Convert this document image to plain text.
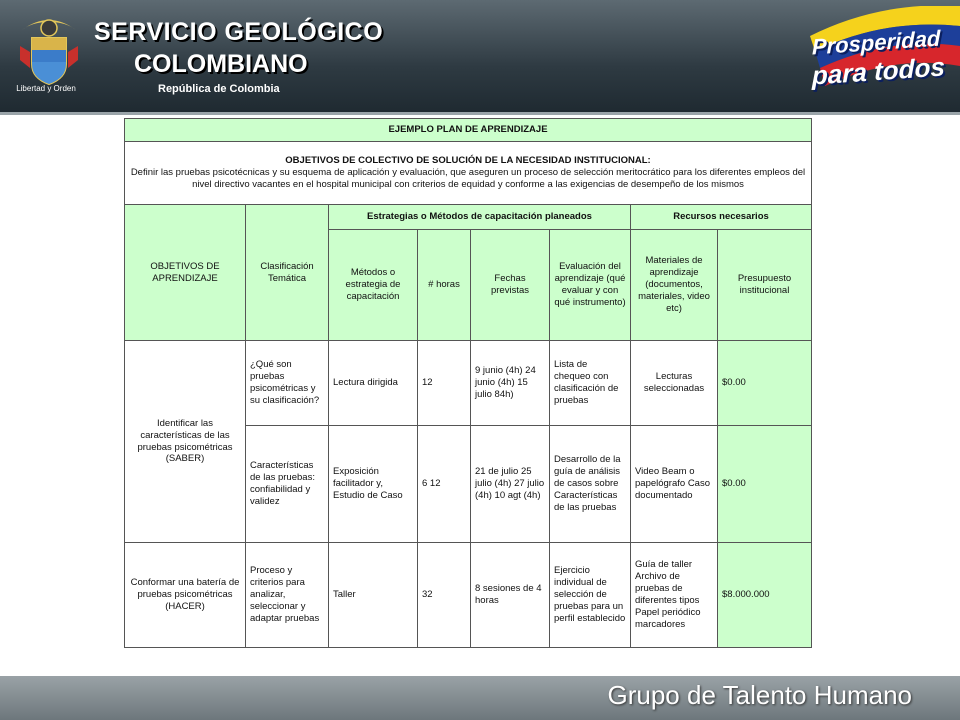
Libertad y Orden
SERVICIO GEOLÓGICO
COLOMBIANO
República de Colombia
Prosperidad
para todos
EJEMPLO PLAN DE APRENDIZAJE							

OBJETIVOS DE COLECTIVO DE SOLUCIÓN DE LA NECESIDAD INSTITUCIONAL:
Definir las pruebas psicotécnicas y su esquema de aplicación y evaluación, que aseguren un proceso de selección meritocrático para los diferentes empleos del nivel directivo vacantes en el hospital municipal con criterios de equidad y conforme a las exigencias de desempeño de los mismos							

OBJETIVOS DE APRENDIZAJE	Clasificación Temática	Estrategias o Métodos de capacitación planeados				Recursos necesarios	
		Métodos o estrategia de capacitación	# horas	Fechas previstas	Evaluación del aprendizaje (qué evaluar y con qué instrumento)	Materiales de aprendizaje (documentos, materiales, video etc)	Presupuesto institucional
Identificar las características de las pruebas psicométricas (SABER)	¿Qué son pruebas psicométricas y su clasificación?	Lectura dirigida	12	9 junio (4h) 24 junio (4h) 15 julio 84h)	Lista de chequeo con clasificación de pruebas	Lecturas seleccionadas	$0.00
	Características de las pruebas: confiabilidad y validez	Exposición facilitador y, Estudio de Caso	6 12	21 de julio 25 julio (4h) 27 julio (4h) 10 agt (4h)	Desarrollo de la guía de análisis de casos sobre Características de las pruebas	Video Beam o papelógrafo Caso documentado	$0.00
Conformar una batería de pruebas psicométricas (HACER)	Proceso y criterios para analizar, seleccionar y adaptar pruebas	Taller	32	8 sesiones de 4 horas	Ejercicio individual de selección de pruebas para un perfil establecido	Guía de taller Archivo de pruebas de diferentes tipos Papel periódico marcadores	$8.000.000
Grupo de Talento Humano
